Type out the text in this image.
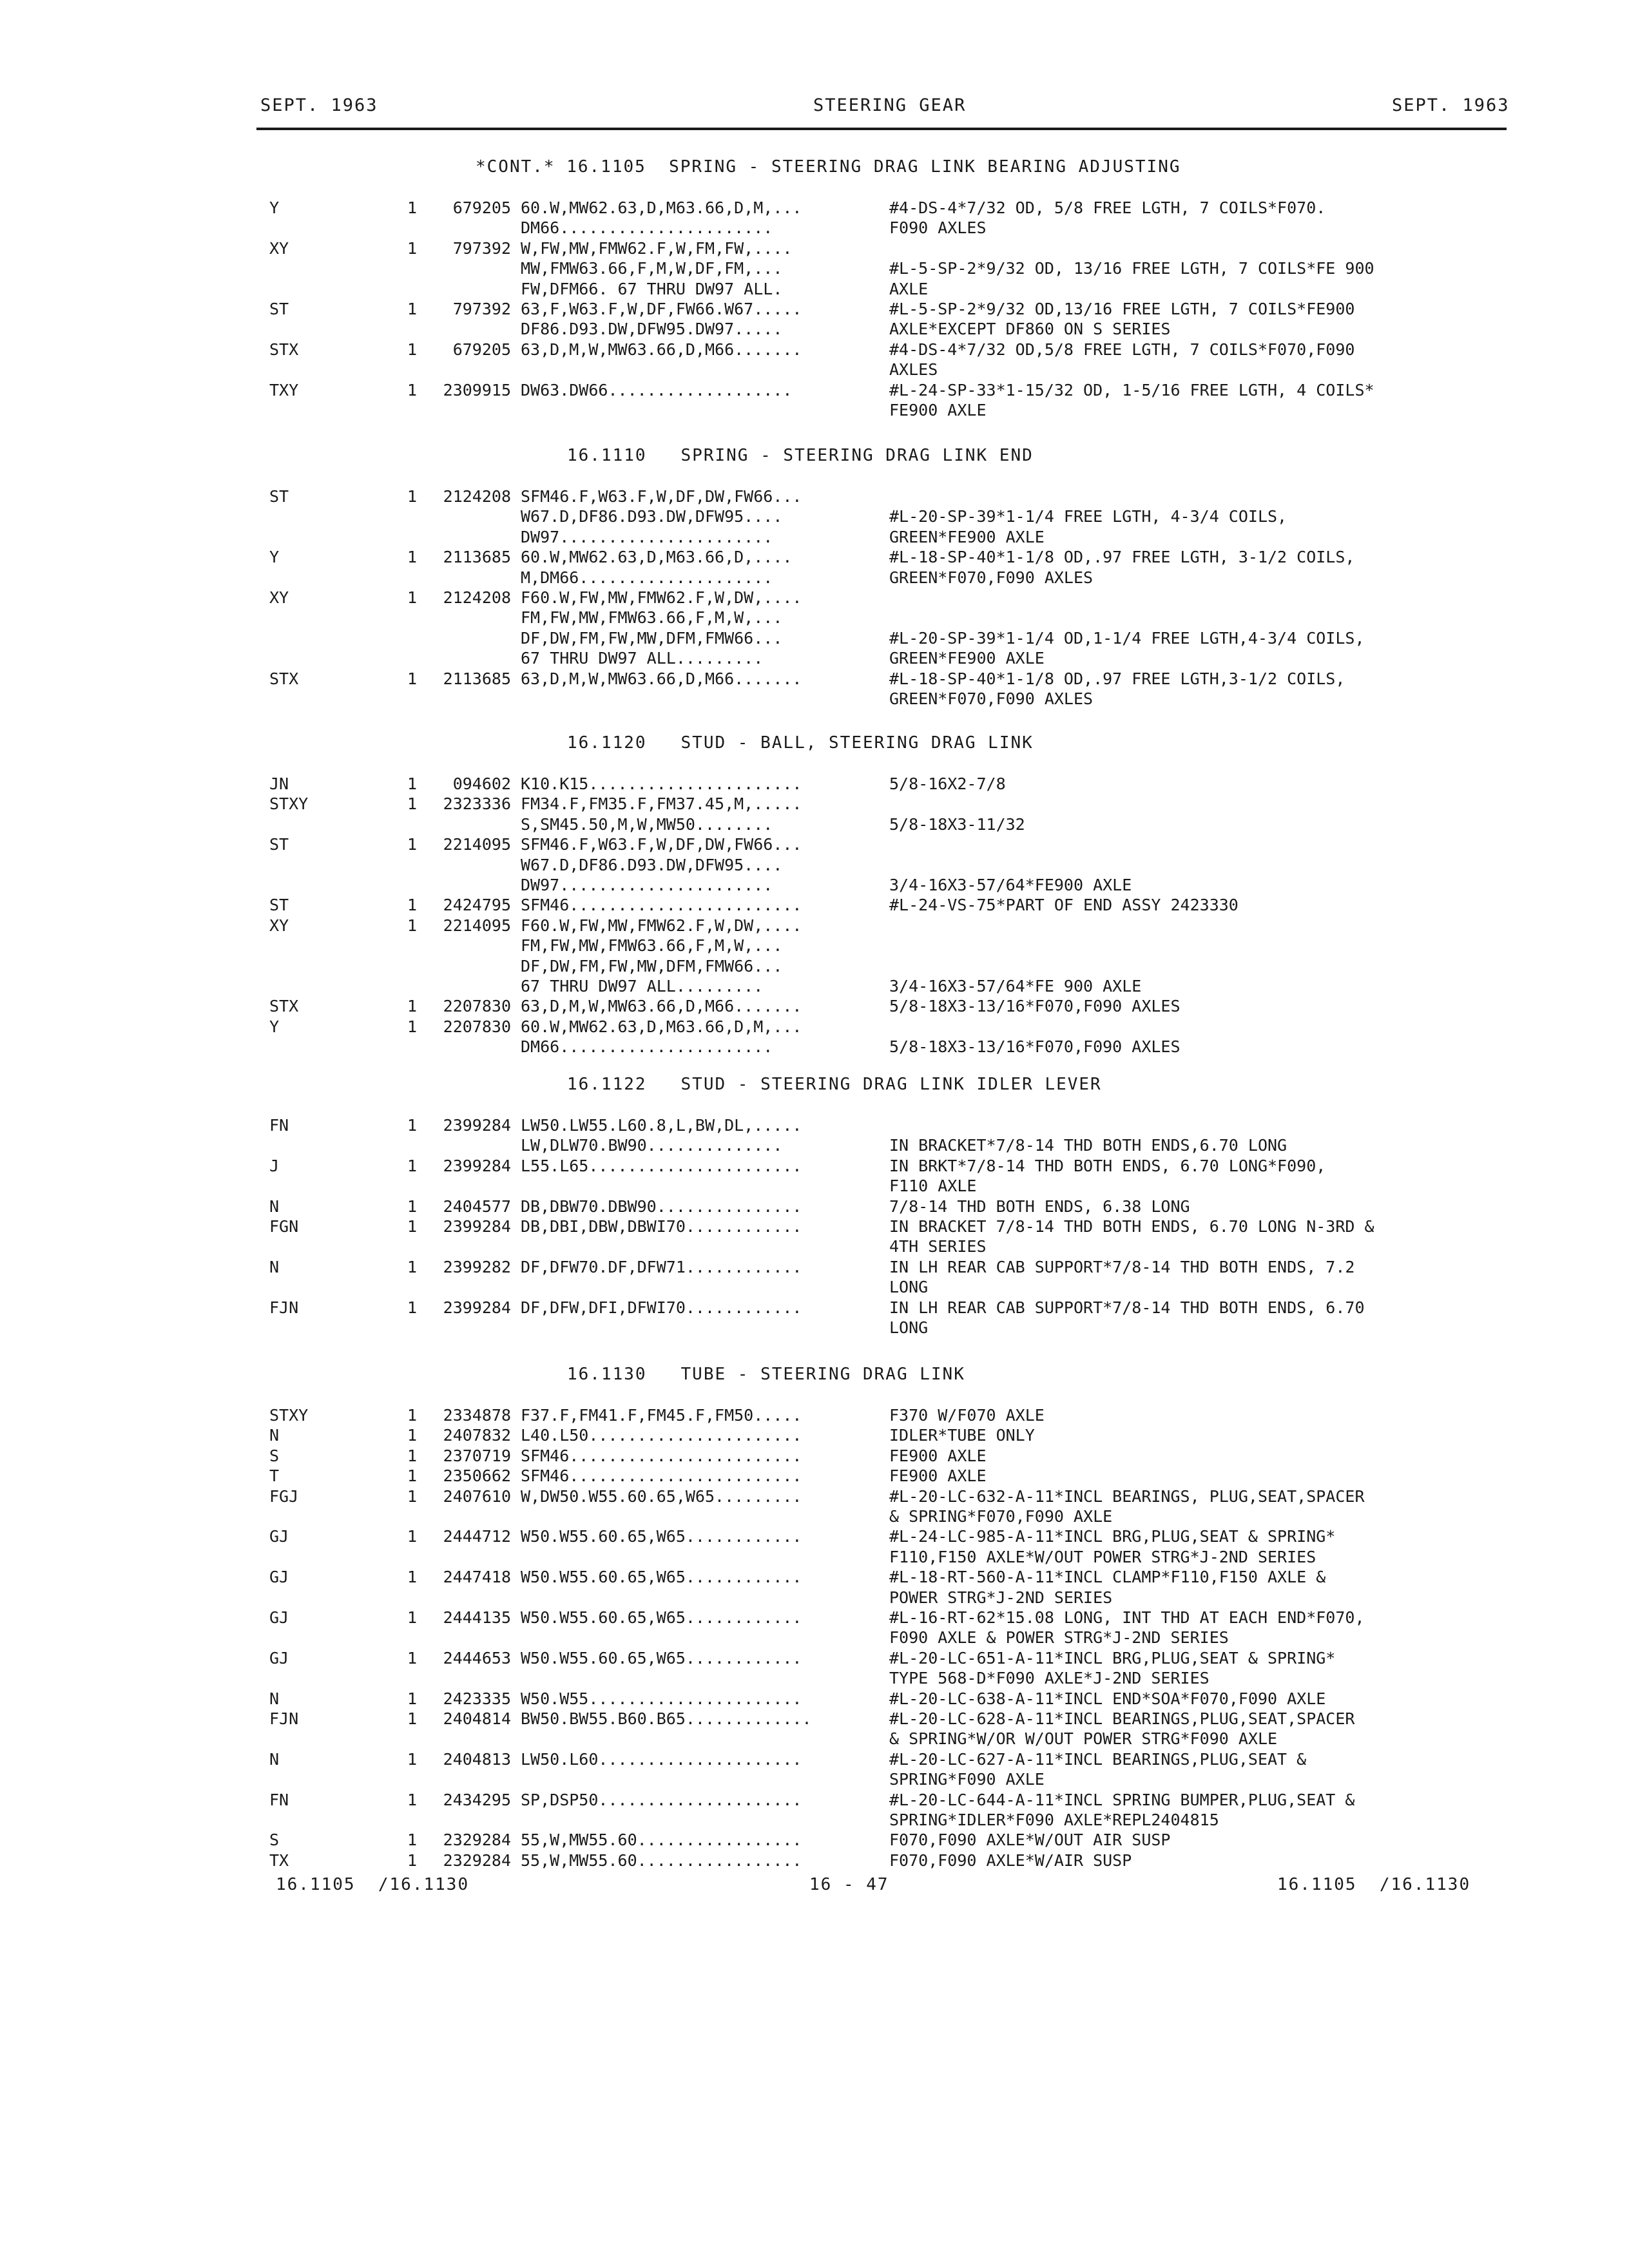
SEPT. 1963	STEERING GEAR	SEPT. 1963
*CONT.* 16.1105  SPRING - STEERING DRAG LINK BEARING ADJUSTING
Y	1	679205 60.W,MW62.63,D,M63.66,D,M,...	#4-DS-4*7/32 OD, 5/8 FREE LGTH, 7 COILS*F070.
DM66......................	F090 AXLES
XY	1	797392 W,FW,MW,FMW62.F,W,FM,FW,....
MW,FMW63.66,F,M,W,DF,FM,...	#L-5-SP-2*9/32 OD, 13/16 FREE LGTH, 7 COILS*FE 900
FW,DFM66. 67 THRU DW97 ALL.	AXLE
ST	1	797392 63,F,W63.F,W,DF,FW66.W67.....	#L-5-SP-2*9/32 OD,13/16 FREE LGTH, 7 COILS*FE900
DF86.D93.DW,DFW95.DW97.....	AXLE*EXCEPT DF860 ON S SERIES
STX	1	679205 63,D,M,W,MW63.66,D,M66.......	#4-DS-4*7/32 OD,5/8 FREE LGTH, 7 COILS*F070,F090
AXLES
TXY	1	2309915 DW63.DW66...................	#L-24-SP-33*1-15/32 OD, 1-5/16 FREE LGTH, 4 COILS*
FE900 AXLE
16.1110   SPRING - STEERING DRAG LINK END
ST	1	2124208 SFM46.F,W63.F,W,DF,DW,FW66...
W67.D,DF86.D93.DW,DFW95....	#L-20-SP-39*1-1/4 FREE LGTH, 4-3/4 COILS,
DW97......................	GREEN*FE900 AXLE
Y	1	2113685 60.W,MW62.63,D,M63.66,D,....	#L-18-SP-40*1-1/8 OD,.97 FREE LGTH, 3-1/2 COILS,
M,DM66....................	GREEN*F070,F090 AXLES
XY	1	2124208 F60.W,FW,MW,FMW62.F,W,DW,....
FM,FW,MW,FMW63.66,F,M,W,...
DF,DW,FM,FW,MW,DFM,FMW66...	#L-20-SP-39*1-1/4 OD,1-1/4 FREE LGTH,4-3/4 COILS,
67 THRU DW97 ALL.........	GREEN*FE900 AXLE
STX	1	2113685 63,D,M,W,MW63.66,D,M66.......	#L-18-SP-40*1-1/8 OD,.97 FREE LGTH,3-1/2 COILS,
GREEN*F070,F090 AXLES
16.1120   STUD - BALL, STEERING DRAG LINK
JN	1	094602 K10.K15......................	5/8-16X2-7/8
STXY	1	2323336 FM34.F,FM35.F,FM37.45,M,.....
S,SM45.50,M,W,MW50........	5/8-18X3-11/32
ST	1	2214095 SFM46.F,W63.F,W,DF,DW,FW66...
W67.D,DF86.D93.DW,DFW95....
DW97......................	3/4-16X3-57/64*FE900 AXLE
ST	1	2424795 SFM46........................	#L-24-VS-75*PART OF END ASSY 2423330
XY	1	2214095 F60.W,FW,MW,FMW62.F,W,DW,....
FM,FW,MW,FMW63.66,F,M,W,...
DF,DW,FM,FW,MW,DFM,FMW66...
67 THRU DW97 ALL.........	3/4-16X3-57/64*FE 900 AXLE
STX	1	2207830 63,D,M,W,MW63.66,D,M66.......	5/8-18X3-13/16*F070,F090 AXLES
Y	1	2207830 60.W,MW62.63,D,M63.66,D,M,...
DM66......................	5/8-18X3-13/16*F070,F090 AXLES
16.1122   STUD - STEERING DRAG LINK IDLER LEVER
FN	1	2399284 LW50.LW55.L60.8,L,BW,DL,.....
LW,DLW70.BW90..............	IN BRACKET*7/8-14 THD BOTH ENDS,6.70 LONG
J	1	2399284 L55.L65......................	IN BRKT*7/8-14 THD BOTH ENDS, 6.70 LONG*F090,
F110 AXLE
N	1	2404577 DB,DBW70.DBW90...............	7/8-14 THD BOTH ENDS, 6.38 LONG
FGN	1	2399284 DB,DBI,DBW,DBWI70............	IN BRACKET 7/8-14 THD BOTH ENDS, 6.70 LONG N-3RD &
4TH SERIES
N	1	2399282 DF,DFW70.DF,DFW71............	IN LH REAR CAB SUPPORT*7/8-14 THD BOTH ENDS, 7.2
LONG
FJN	1	2399284 DF,DFW,DFI,DFWI70............	IN LH REAR CAB SUPPORT*7/8-14 THD BOTH ENDS, 6.70
LONG
16.1130   TUBE - STEERING DRAG LINK
STXY	1	2334878 F37.F,FM41.F,FM45.F,FM50.....	F370 W/F070 AXLE
N	1	2407832 L40.L50......................	IDLER*TUBE ONLY
S	1	2370719 SFM46........................	FE900 AXLE
T	1	2350662 SFM46........................	FE900 AXLE
FGJ	1	2407610 W,DW50.W55.60.65,W65.........	#L-20-LC-632-A-11*INCL BEARINGS, PLUG,SEAT,SPACER
& SPRING*F070,F090 AXLE
GJ	1	2444712 W50.W55.60.65,W65............	#L-24-LC-985-A-11*INCL BRG,PLUG,SEAT & SPRING*
F110,F150 AXLE*W/OUT POWER STRG*J-2ND SERIES
GJ	1	2447418 W50.W55.60.65,W65............	#L-18-RT-560-A-11*INCL CLAMP*F110,F150 AXLE &
POWER STRG*J-2ND SERIES
GJ	1	2444135 W50.W55.60.65,W65............	#L-16-RT-62*15.08 LONG, INT THD AT EACH END*F070,
F090 AXLE & POWER STRG*J-2ND SERIES
GJ	1	2444653 W50.W55.60.65,W65............	#L-20-LC-651-A-11*INCL BRG,PLUG,SEAT & SPRING*
TYPE 568-D*F090 AXLE*J-2ND SERIES
N	1	2423335 W50.W55......................	#L-20-LC-638-A-11*INCL END*SOA*F070,F090 AXLE
FJN	1	2404814 BW50.BW55.B60.B65.............	#L-20-LC-628-A-11*INCL BEARINGS,PLUG,SEAT,SPACER
& SPRING*W/OR W/OUT POWER STRG*F090 AXLE
N	1	2404813 LW50.L60.....................	#L-20-LC-627-A-11*INCL BEARINGS,PLUG,SEAT &
SPRING*F090 AXLE
FN	1	2434295 SP,DSP50.....................	#L-20-LC-644-A-11*INCL SPRING BUMPER,PLUG,SEAT &
SPRING*IDLER*F090 AXLE*REPL2404815
S	1	2329284 55,W,MW55.60.................	F070,F090 AXLE*W/OUT AIR SUSP
TX	1	2329284 55,W,MW55.60.................	F070,F090 AXLE*W/AIR SUSP
16.1105  /16.1130	16 - 47	16.1105  /16.1130
